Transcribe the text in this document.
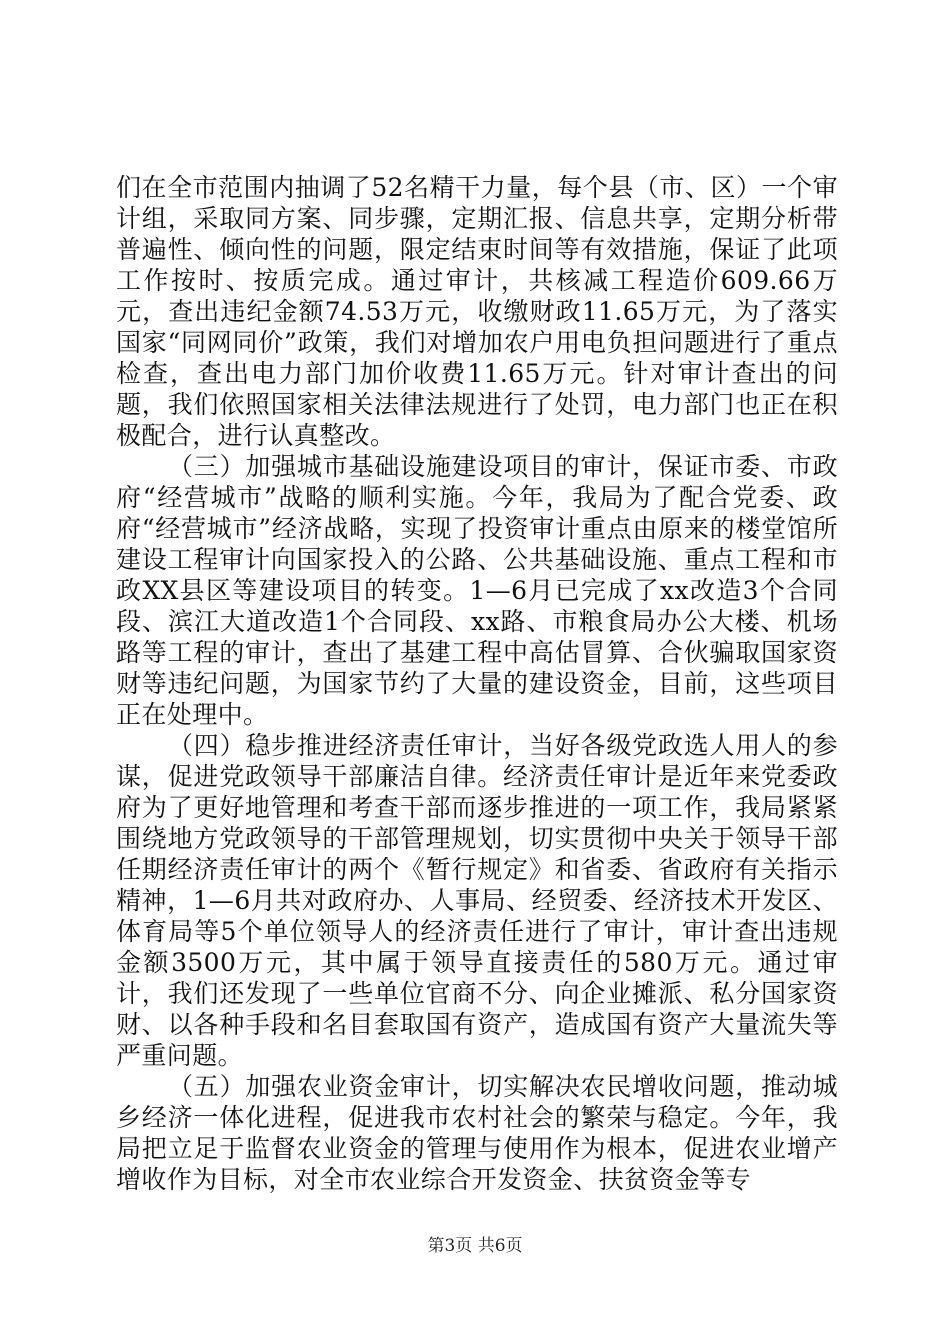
们在全市范围内抽调了52名精干力量，每个县（市、区）一个审计组，采取同方案、同步骤，定期汇报、信息共享，定期分析带普遍性、倾向性的问题，限定结束时间等有效措施，保证了此项工作按时、按质完成。通过审计，共核减工程造价609.66万元，查出违纪金额74.53万元，收缴财政11.65万元，为了落实国家“同网同价”政策，我们对增加农户用电负担问题进行了重点检查，查出电力部门加价收费11.65万元。针对审计查出的问题，我们依照国家相关法律法规进行了处罚，电力部门也正在积极配合，进行认真整改。

（三）加强城市基础设施建设项目的审计，保证市委、市政府“经营城市”战略的顺利实施。今年，我局为了配合党委、政府“经营城市”经济战略，实现了投资审计重点由原来的楼堂馆所建设工程审计向国家投入的公路、公共基础设施、重点工程和市政XX县区等建设项目的转变。1—6月已完成了xx改造3个合同段、滨江大道改造1个合同段、xx路、市粮食局办公大楼、机场路等工程的审计，查出了基建工程中高估冒算、合伙骗取国家资财等违纪问题，为国家节约了大量的建设资金，目前，这些项目正在处理中。

（四）稳步推进经济责任审计，当好各级党政选人用人的参谋，促进党政领导干部廉洁自律。经济责任审计是近年来党委政府为了更好地管理和考查干部而逐步推进的一项工作，我局紧紧围绕地方党政领导的干部管理规划，切实贯彻中央关于领导干部任期经济责任审计的两个《暂行规定》和省委、省政府有关指示精神，1—6月共对政府办、人事局、经贸委、经济技术开发区、体育局等5个单位领导人的经济责任进行了审计，审计查出违规金额3500万元，其中属于领导直接责任的580万元。通过审计，我们还发现了一些单位官商不分、向企业摊派、私分国家资财、以各种手段和名目套取国有资产，造成国有资产大量流失等严重问题。

（五）加强农业资金审计，切实解决农民增收问题，推动城乡经济一体化进程，促进我市农村社会的繁荣与稳定。今年，我局把立足于监督农业资金的管理与使用作为根本，促进农业增产增收作为目标，对全市农业综合开发资金、扶贫资金等专

第3页 共6页
